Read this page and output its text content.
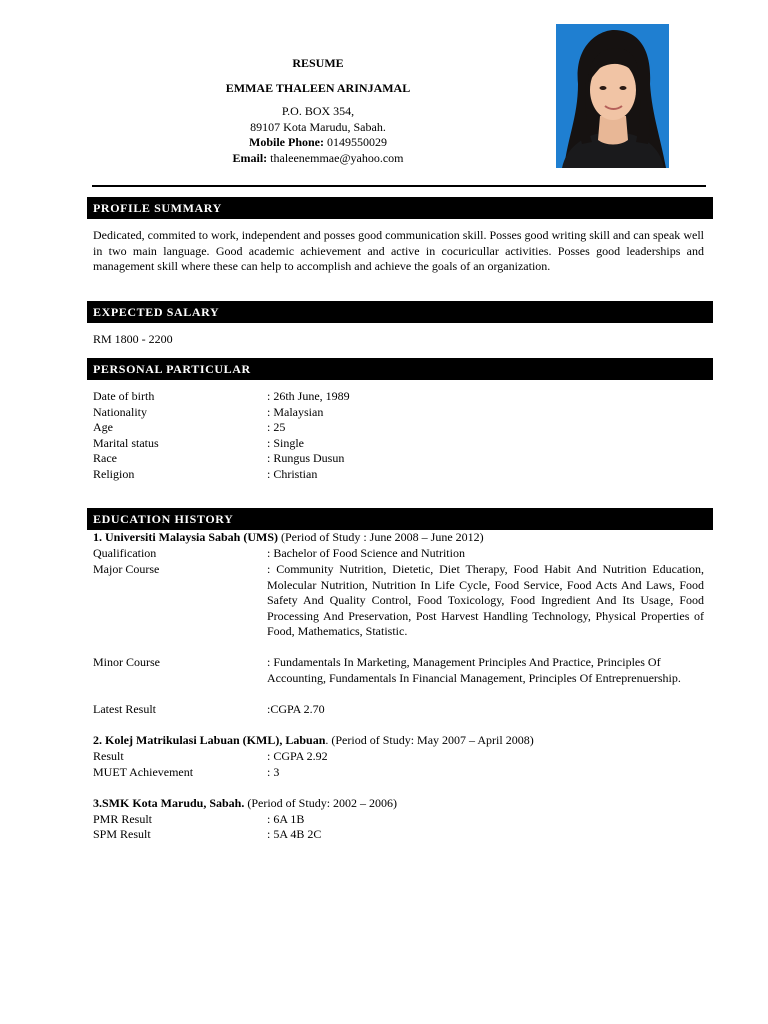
RESUME
EMMAE THALEEN ARINJAMAL
P.O. BOX 354,
89107 Kota Marudu, Sabah.
Mobile Phone: 0149550029
Email: thaleenemmae@yahoo.com
PROFILE SUMMARY
Dedicated, commited to work, independent and posses good communication skill. Posses good writing skill and can speak well in two main language. Good academic achievement and active in cocuricullar activities. Posses good leaderships and management skill where these can help to accomplish and achieve the goals of an organization.
EXPECTED SALARY
RM 1800 - 2200
PERSONAL PARTICULAR
Date of birth	: 26th June, 1989
Nationality	: Malaysian
Age	: 25
Marital status	: Single
Race	: Rungus Dusun
Religion	: Christian
EDUCATION HISTORY
1. Universiti Malaysia Sabah (UMS) (Period of Study : June 2008 – June 2012)
Qualification	: Bachelor of Food Science and Nutrition
Major Course	: Community Nutrition, Dietetic, Diet Therapy, Food Habit And Nutrition Education, Molecular Nutrition, Nutrition In Life Cycle, Food Service, Food Acts And Laws, Food Safety And Quality Control, Food Toxicology, Food Ingredient And Its Usage, Food Processing And Preservation, Post Harvest Handling Technology, Physical Properties of Food, Mathematics, Statistic.
Minor Course	: Fundamentals In Marketing, Management Principles And Practice, Principles Of Accounting, Fundamentals In Financial Management, Principles Of Entreprenuership.
Latest Result	:CGPA 2.70
2. Kolej Matrikulasi Labuan (KML), Labuan. (Period of Study: May 2007 – April 2008)
Result	: CGPA 2.92
MUET Achievement	: 3
3.SMK Kota Marudu, Sabah. (Period of Study: 2002 – 2006)
PMR Result	: 6A 1B
SPM Result	: 5A 4B 2C
